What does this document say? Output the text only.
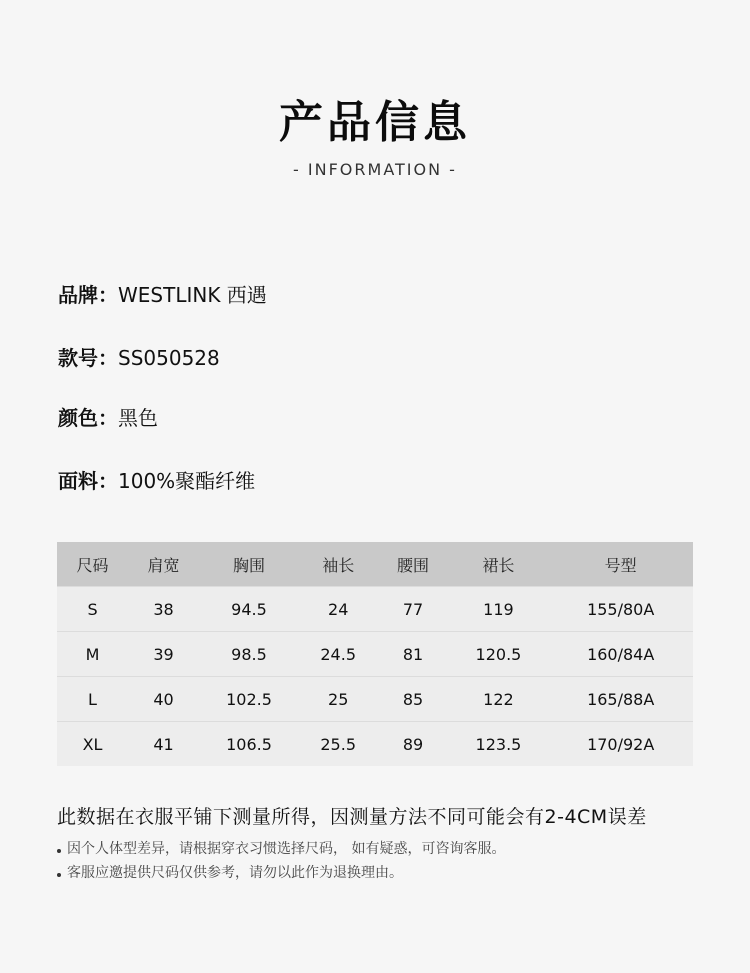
产品信息
- INFORMATION -
品牌：WESTLINK 西遇
款号：SS050528
颜色：黑色
面料：100%聚酯纤维
尺码	肩宽	胸围	袖长	腰围	裙长	号型
S	38	94.5	24	77	119	155/80A
M	39	98.5	24.5	81	120.5	160/84A
L	40	102.5	25	85	122	165/88A
XL	41	106.5	25.5	89	123.5	170/92A
此数据在衣服平铺下测量所得，因测量方法不同可能会有2-4CM误差
因个人体型差异，请根据穿衣习惯选择尺码， 如有疑惑，可咨询客服。
客服应邀提供尺码仅供参考，请勿以此作为退换理由。
